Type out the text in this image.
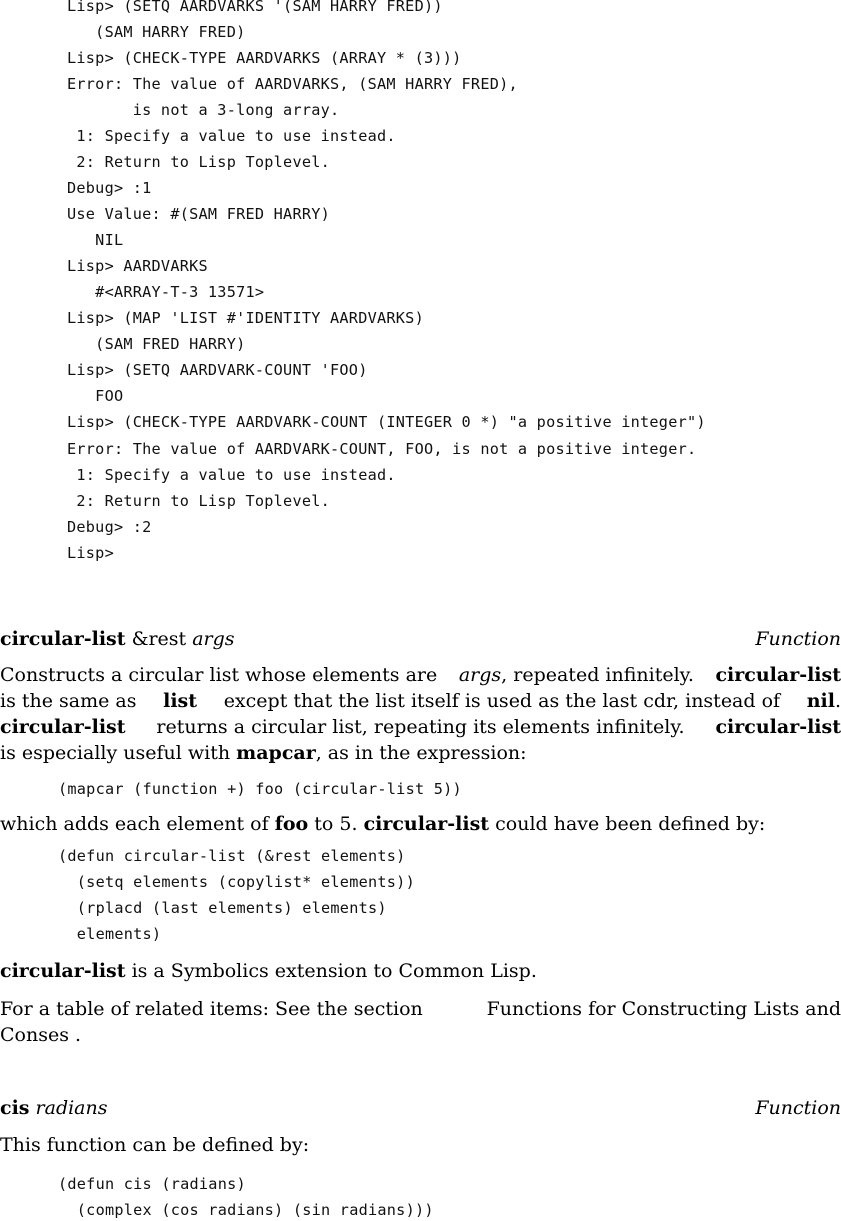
Lisp> (SETQ AARDVARKS '(SAM HARRY FRED))
(SAM HARRY FRED)
Lisp> (CHECK-TYPE AARDVARKS (ARRAY * (3)))
Error: The value of AARDVARKS, (SAM HARRY FRED),
is not a 3-long array.
1: Specify a value to use instead.
2: Return to Lisp Toplevel.
Debug> :1
Use Value: #(SAM FRED HARRY)
NIL
Lisp> AARDVARKS
#<ARRAY-T-3 13571>
Lisp> (MAP 'LIST #'IDENTITY AARDVARKS)
(SAM FRED HARRY)
Lisp> (SETQ AARDVARK-COUNT 'FOO)
FOO
Lisp> (CHECK-TYPE AARDVARK-COUNT (INTEGER 0 *) "a positive integer")
Error: The value of AARDVARK-COUNT, FOO, is not a positive integer.
1: Specify a value to use instead.
2: Return to Lisp Toplevel.
Debug> :2
Lisp>
circular-list &rest args	Function
Constructs a circular list whose elements are args, repeated infinitely. circular-list
is the same as list except that the list itself is used as the last cdr, instead of nil.
circular-list returns a circular list, repeating its elements infinitely. circular-list
is especially useful with mapcar, as in the expression:
(mapcar (function +) foo (circular-list 5))
which adds each element of foo to 5. circular-list could have been defined by:
(defun circular-list (&rest elements)
(setq elements (copylist* elements))
(rplacd (last elements) elements)
elements)
circular-list is a Symbolics extension to Common Lisp.
For a table of related items: See the section	Functions for Constructing Lists and
Conses .
cis radians	Function
This function can be defined by:
(defun cis (radians)
(complex (cos radians) (sin radians)))
